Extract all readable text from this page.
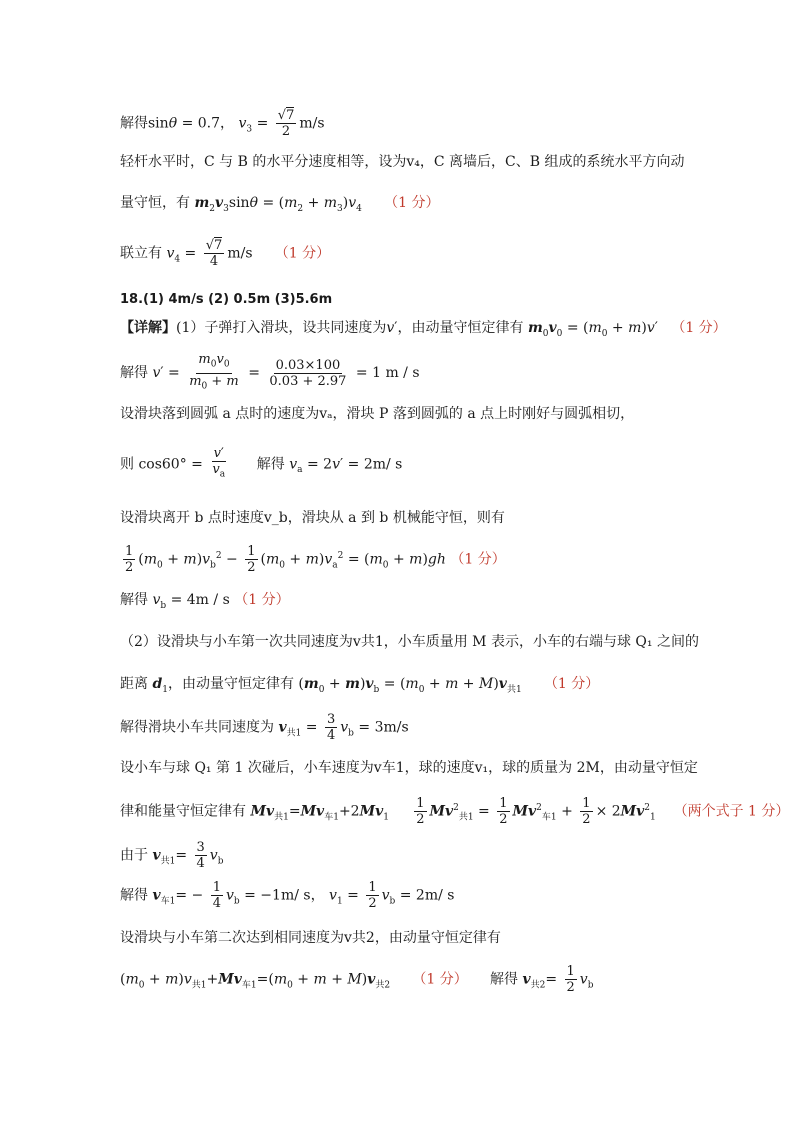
解得sinθ = 0.7， $v_3 = \frac{√7}{2} m/s$
轻杆水平时，C 与 B 的水平分速度相等，设为v₄，C 离墙后，C、B 组成的系统水平方向动
量守恒，有 $m_2v_3\sin\theta = (m_2 + m_3)v_4$ （1 分）
联立有 $v_4 = \frac{√7}{4} m/s$     （1 分）
18.(1) 4m/s (2) 0.5m (3)5.6m
【详解】(1）子弹打入滑块，设共同速度为v′，由动量守恒定律有 $m_0v_0 = (m_0 + m)v'$   （1 分）
解得 $v' = \frac{m_0v_0}{m_0 + m} = \frac{0.03\times 100}{0.03 + 2.97} = 1$ m / s
设滑块落到圆弧 a 点时的速度为vₐ，滑块 P 落到圆弧的 a 点上时刚好与圆弧相切，
则 $\cos 60^\circ = \frac{v'}{v_a}$ 解得 $v_a = 2v' = 2m/$ s
设滑块离开 b 点时速度v_b，滑块从 a 到 b 机械能守恒，则有
$\frac{1}{2} (m_0 + m)v_b^2 - \frac{1}{2} (m_0 + m)v_a^2 = (m_0 + m)gh$ （1 分）
解得 $v_b = 4m / s$ （1 分）
（2）设滑块与小车第一次共同速度为v共1，小车质量用 M 表示，小车的右端与球 Q₁ 之间的
距离 $d_1$，由动量守恒定律有 $(m_0 + m)v_b = (m_0 + m + M)v_{共1}$ （1 分）
解得滑块小车共同速度为 $v_{共1} = \frac{3}{4} v_b = 3m/s$
设小车与球 Q₁ 第 1 次碰后，小车速度为v车1，球的速度v₁，球的质量为 2M，由动量守恒定
律和能量守恒定律有 $Mv_{共1}=Mv_{车1}+2Mv_1 \frac{1}{2} Mv^2_{共1} = \frac{1}{2} Mv^2_{车1} + \frac{1}{2} \times 2Mv^2_1$ （两个式子 1 分）
由于 $v_{共1}= \frac{3}{4} v_b$
解得 $v_{车1}= - \frac{1}{4} v_b = -1m/$ s， $v_1 = \frac{1}{2} v_b = 2m/$ s
设滑块与小车第二次达到相同速度为v共2，由动量守恒定律有
$(m_0 + m)v_{共1}+Mv_{车1}=(m_0 + m + M)v_{共2}$ （1 分）     解得 $v_{共2}= \frac{1}{2} v_b$
